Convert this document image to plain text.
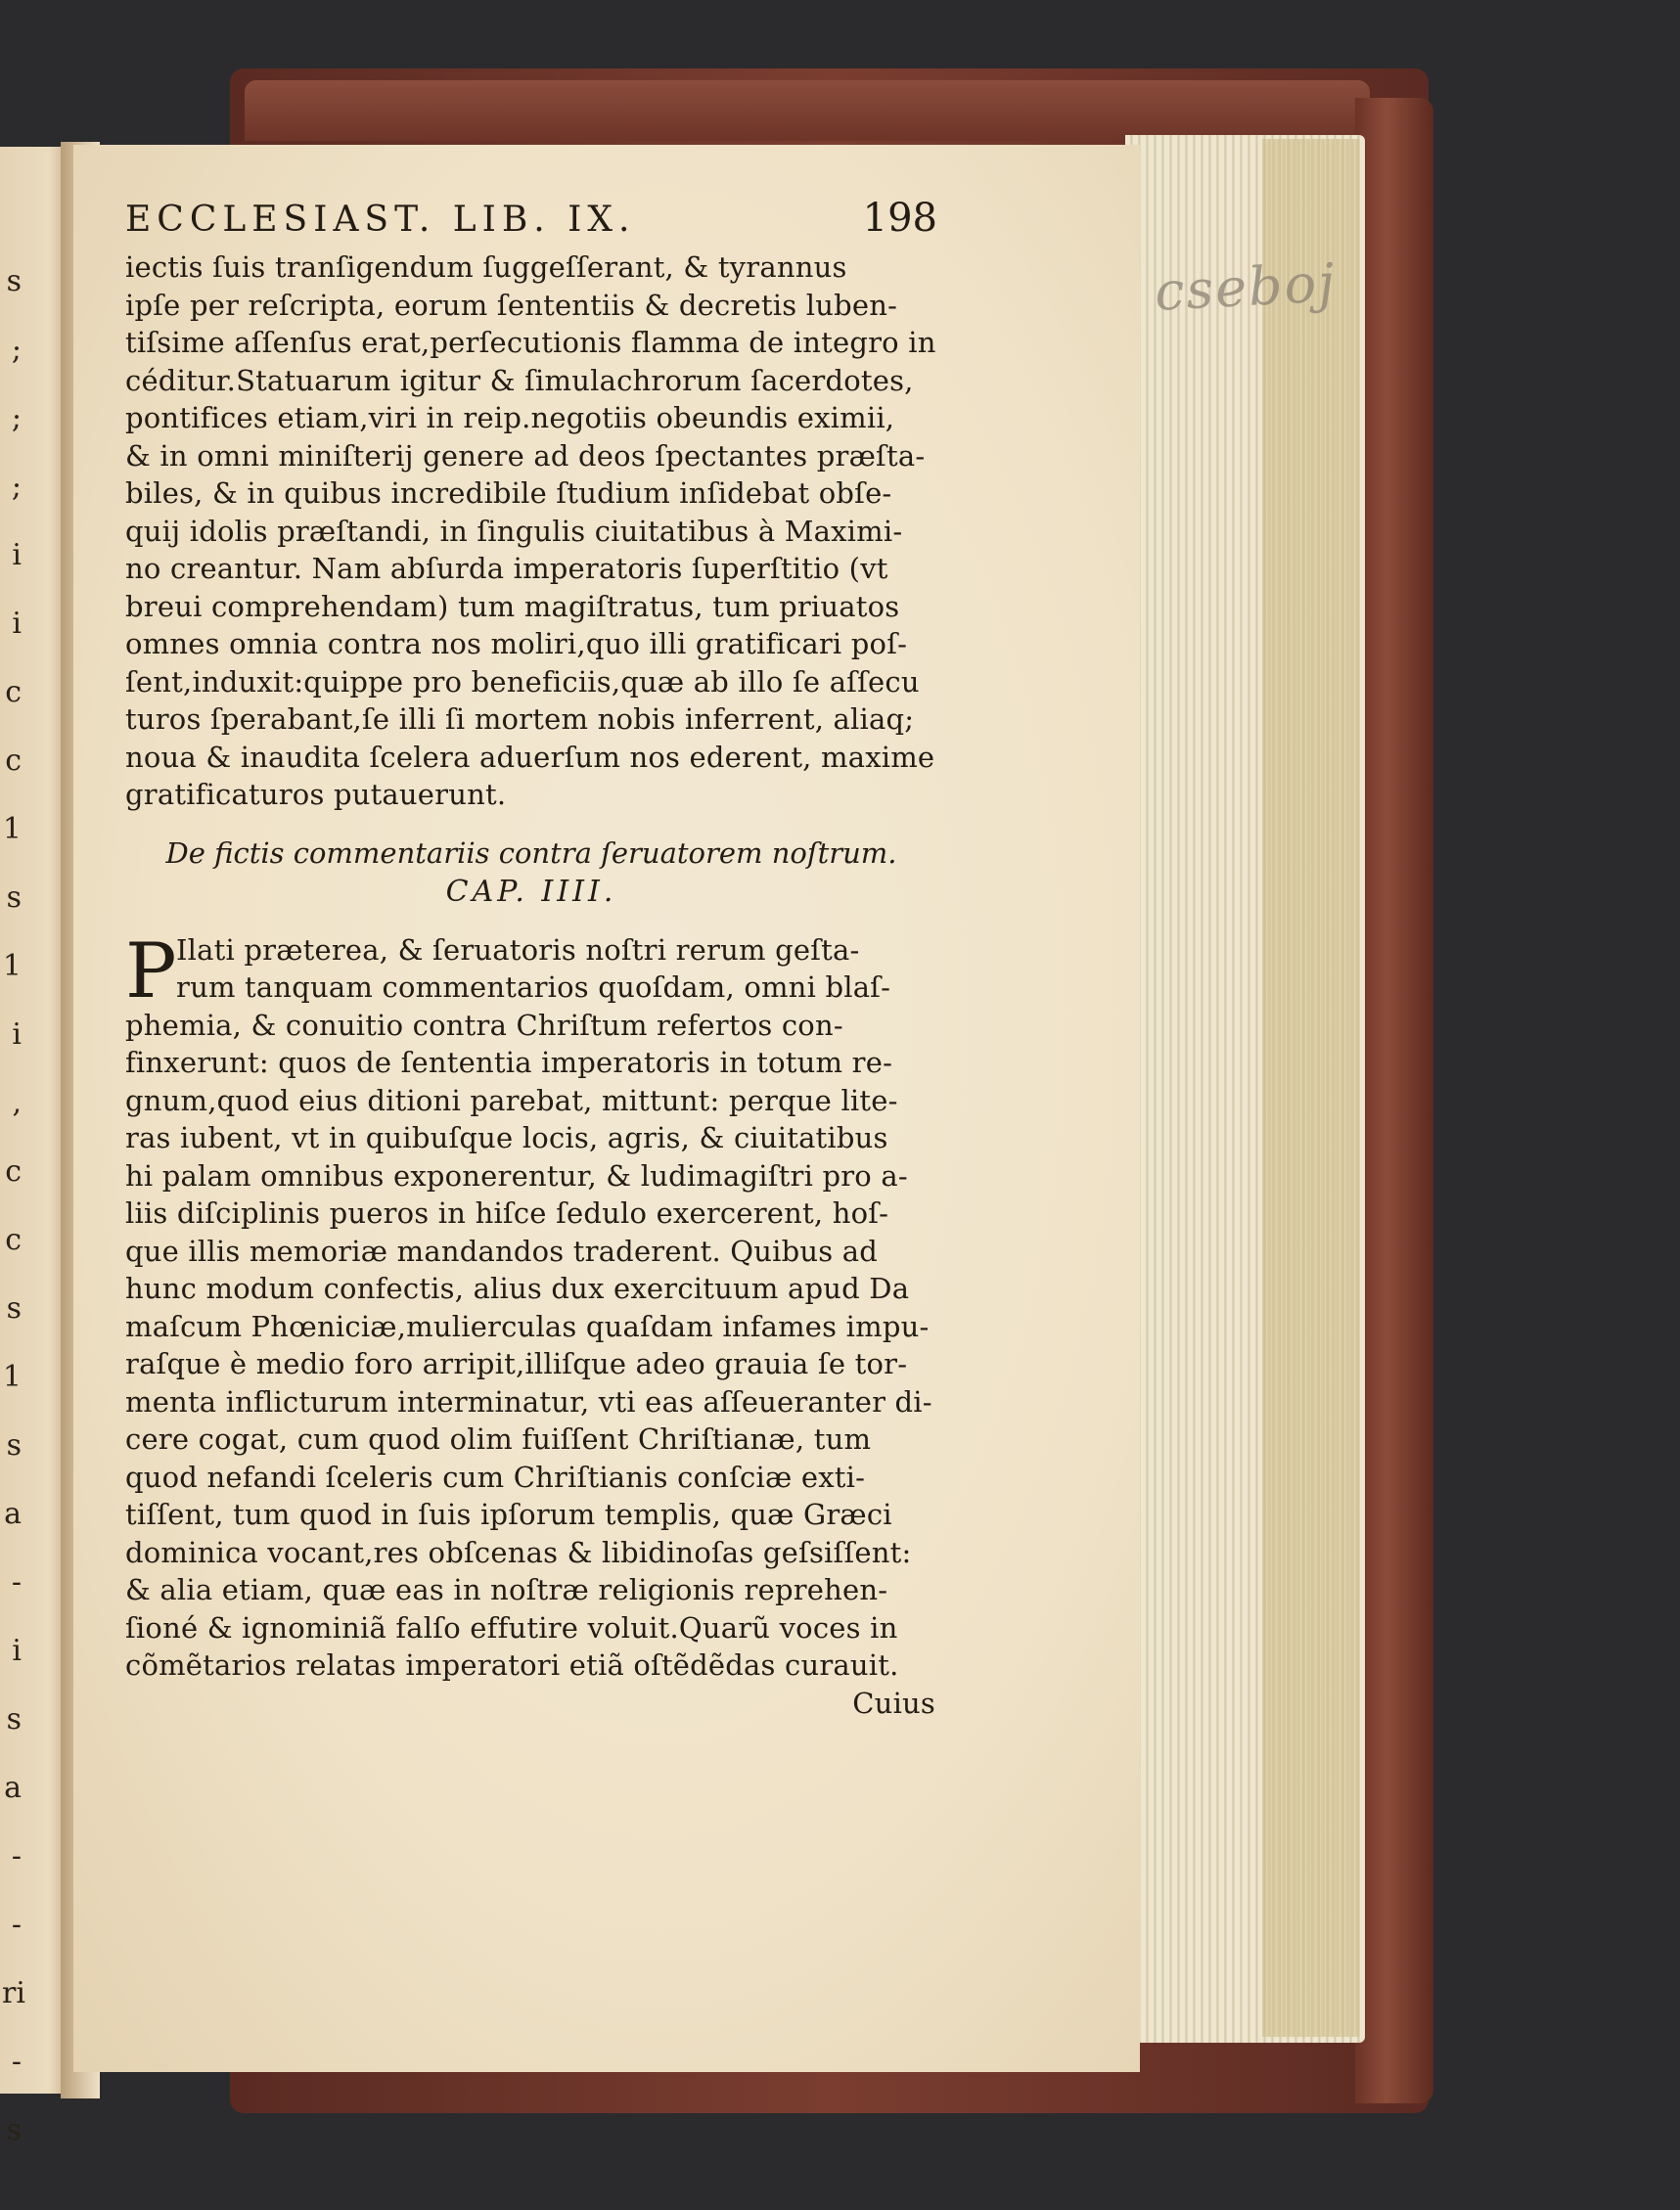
s
;
;
;
i
i
c
c
1
s
1
i
,
c
c
s
1
s
a
-
i
s
a
-
-
ri
-
s
cseboj
ECCLESIAST. LIB. IX.	198
iectis ſuis tranſigendum ſuggeſſerant, & tyrannus
ipſe per reſcripta, eorum ſententiis & decretis luben-
tiſsime aſſenſus erat,perſecutionis flamma de integro in
céditur.Statuarum igitur & ſimulachrorum ſacerdotes,
pontifices etiam,viri in reip.negotiis obeundis eximii,
& in omni miniſterij genere ad deos ſpectantes præſta-
biles, & in quibus incredibile ſtudium inſidebat obſe-
quij idolis præſtandi, in ſingulis ciuitatibus à Maximi-
no creantur. Nam abſurda imperatoris ſuperſtitio (vt
breui comprehendam) tum magiſtratus, tum priuatos
omnes omnia contra nos moliri,quo illi gratificari poſ-
ſent,induxit:quippe pro beneficiis,quæ ab illo ſe aſſecu
turos ſperabant,ſe illi ſi mortem nobis inferrent, aliaq;
noua & inaudita ſcelera aduerſum nos ederent, maxime
gratificaturos putauerunt.
De fictis commentariis contra ſeruatorem noſtrum.
CAP. IIII.
P Ilati præterea, & ſeruatoris noſtri rerum geſta-
rum tanquam commentarios quoſdam, omni blaſ-
phemia, & conuitio contra Chriſtum refertos con-
finxerunt: quos de ſententia imperatoris in totum re-
gnum,quod eius ditioni parebat, mittunt: perque lite-
ras iubent, vt in quibuſque locis, agris, & ciuitatibus
hi palam omnibus exponerentur, & ludimagiſtri pro a-
liis diſciplinis pueros in hiſce ſedulo exercerent, hoſ-
que illis memoriæ mandandos traderent. Quibus ad
hunc modum confectis, alius dux exercituum apud Da
maſcum Phœniciæ,mulierculas quaſdam infames impu-
raſque è medio foro arripit,illiſque adeo grauia ſe tor-
menta inflicturum interminatur, vti eas aſſeueranter di-
cere cogat, cum quod olim fuiſſent Chriſtianæ, tum
quod nefandi ſceleris cum Chriſtianis conſciæ exti-
tiſſent, tum quod in ſuis ipſorum templis, quæ Græci
dominica vocant,res obſcenas & libidinoſas geſsiſſent:
& alia etiam, quæ eas in noſtræ religionis reprehen-
ſioné & ignominiã falſo effutire voluit.Quarũ voces in
cõmẽtarios relatas imperatori etiã oſtẽdẽdas curauit.
Cuius
